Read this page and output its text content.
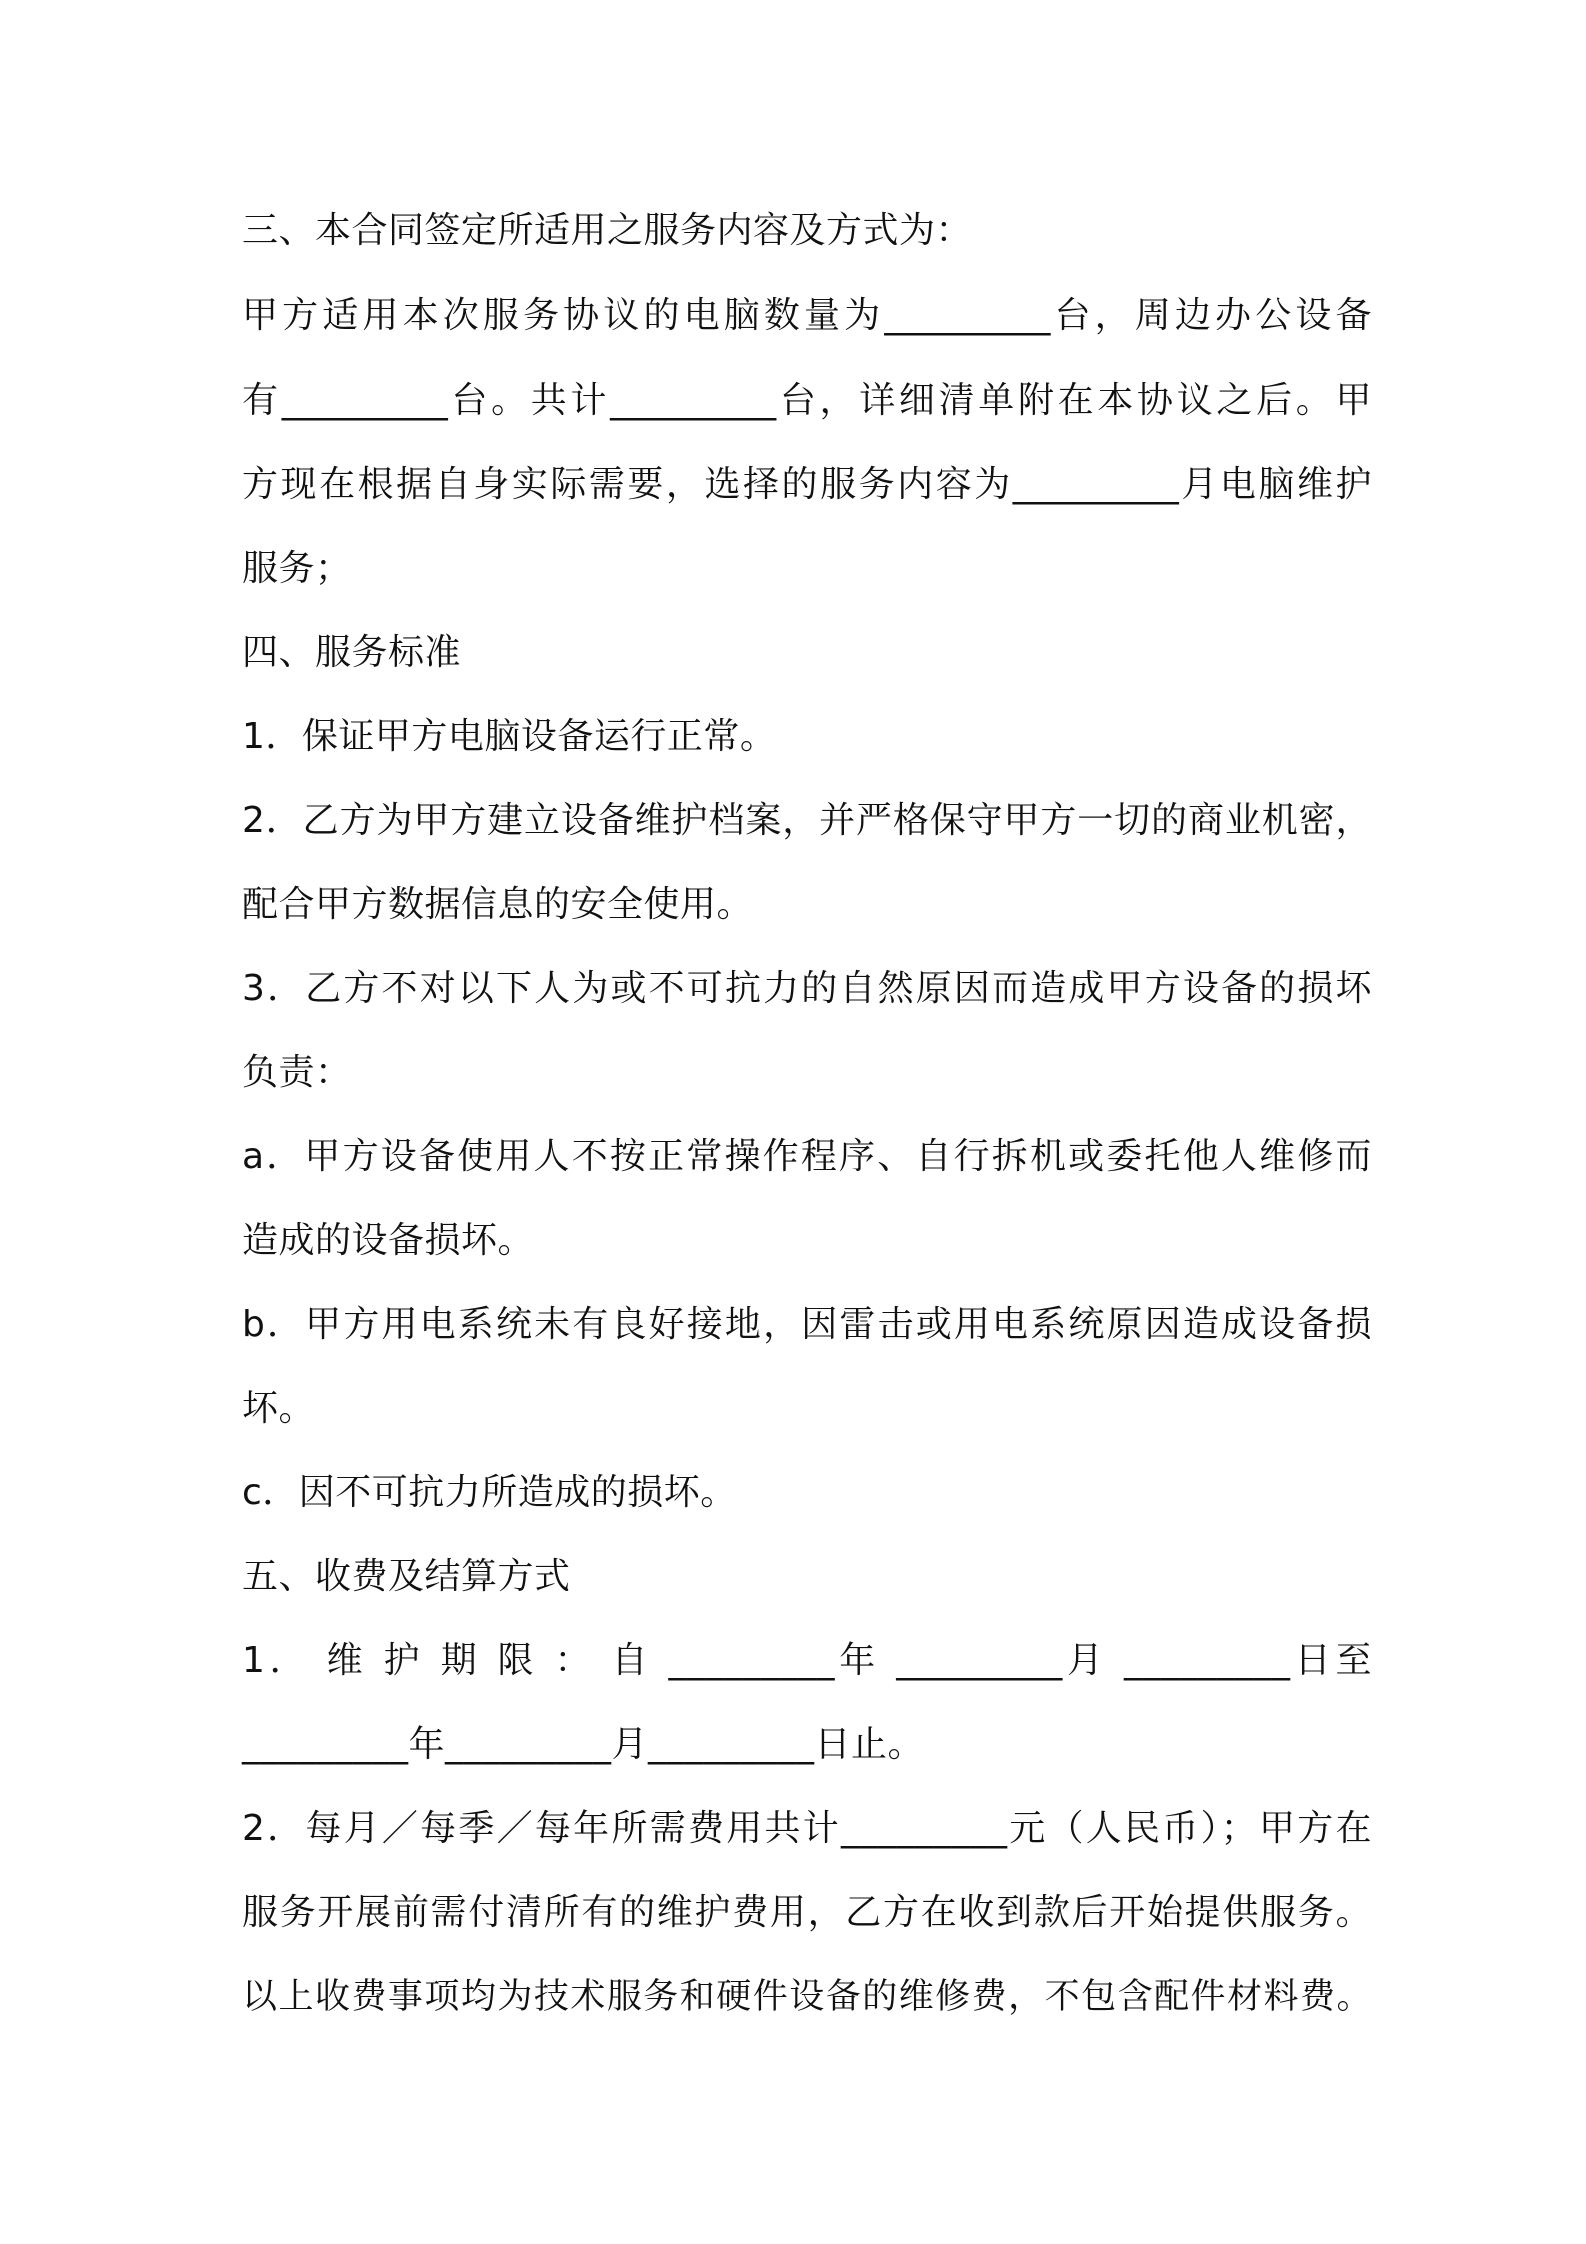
三、本合同签定所适用之服务内容及方式为：
甲方适用本次服务协议的电脑数量为_________台，周边办公设备
有_________台。共计_________台，详细清单附在本协议之后。甲
方现在根据自身实际需要，选择的服务内容为_________月电脑维护
服务；
四、服务标准
1．保证甲方电脑设备运行正常。
2．乙方为甲方建立设备维护档案，并严格保守甲方一切的商业机密，
配合甲方数据信息的安全使用。
3．乙方不对以下人为或不可抗力的自然原因而造成甲方设备的损坏
负责：
a．甲方设备使用人不按正常操作程序、自行拆机或委托他人维修而
造成的设备损坏。
b．甲方用电系统未有良好接地，因雷击或用电系统原因造成设备损
坏。
c．因不可抗力所造成的损坏。
五、收费及结算方式
1． 维 护 期 限 ： 自 _________年 _________月 _________日至
_________年_________月_________日止。
2．每月／每季／每年所需费用共计_________元（人民币）；甲方在
服务开展前需付清所有的维护费用，乙方在收到款后开始提供服务。
以上收费事项均为技术服务和硬件设备的维修费，不包含配件材料费。
